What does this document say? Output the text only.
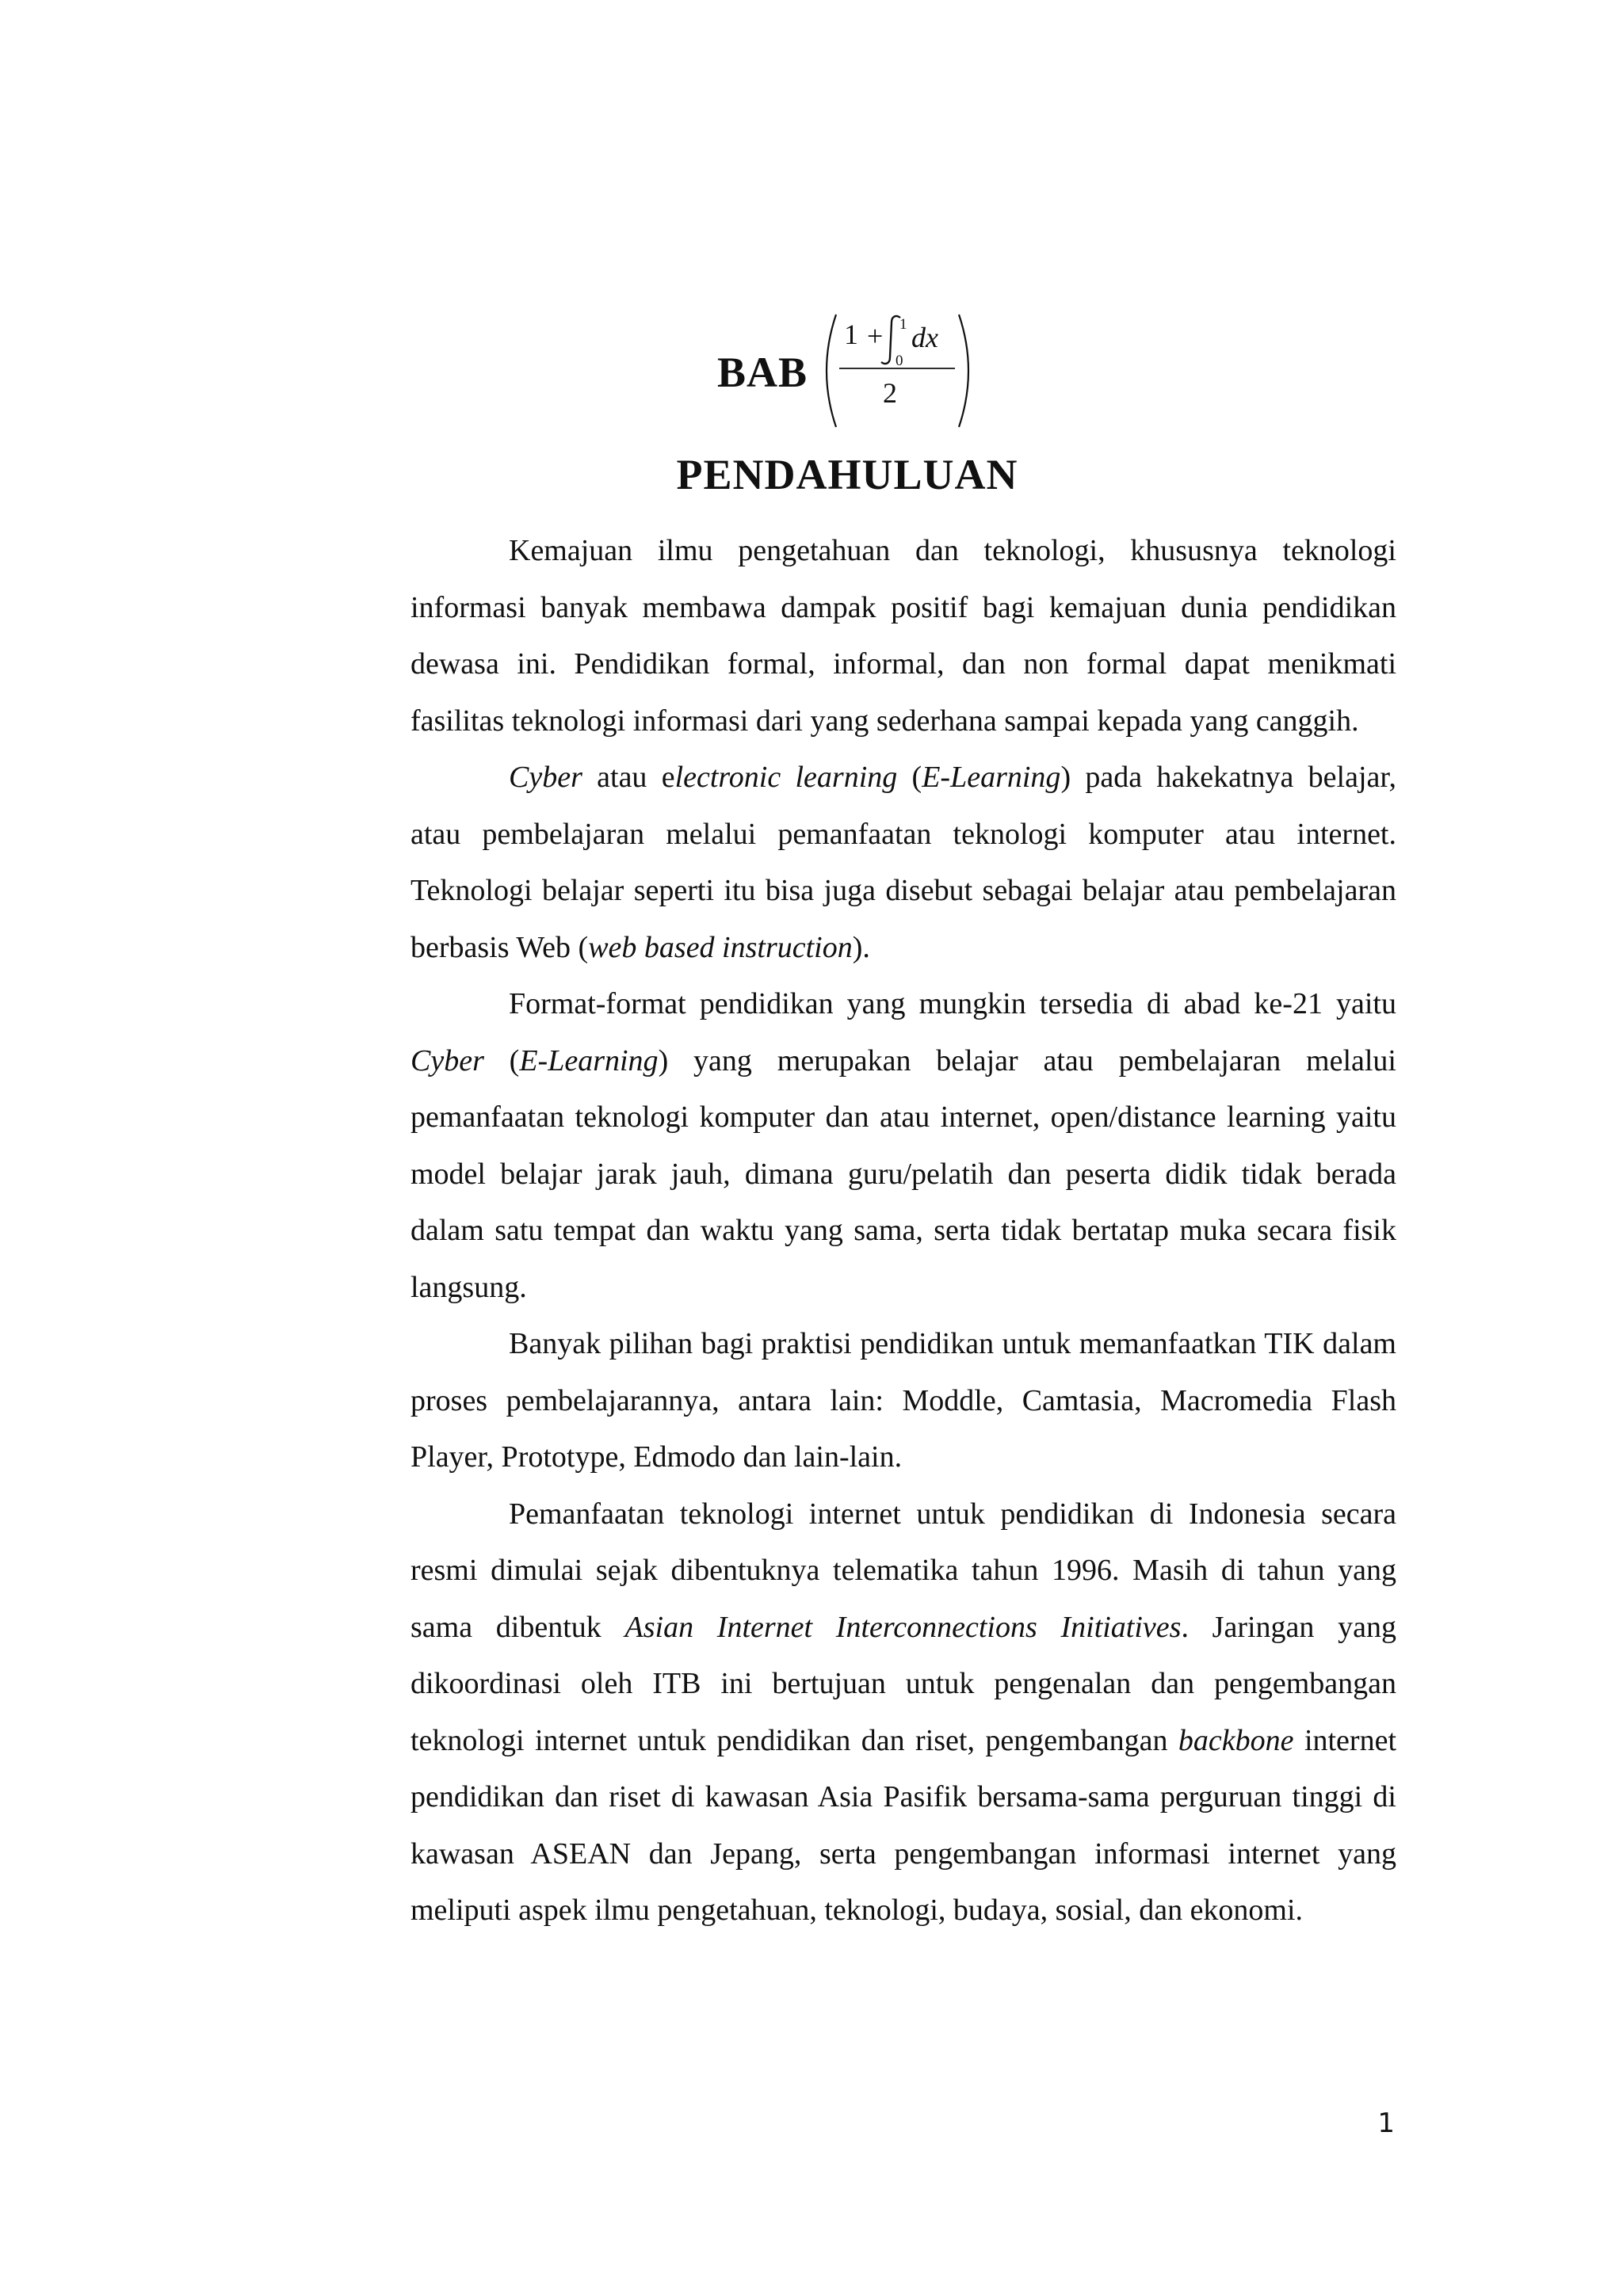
BAB
1 + 1
0
dx
2
PENDAHULUAN

Kemajuan ilmu pengetahuan dan teknologi, khususnya teknologi informasi banyak membawa dampak positif bagi kemajuan dunia pendidikan dewasa ini. Pendidikan formal, informal, dan non formal dapat menikmati fasilitas teknologi informasi dari yang sederhana sampai kepada yang canggih.

Cyber atau electronic learning (E-Learning) pada hakekatnya belajar, atau pembelajaran melalui pemanfaatan teknologi komputer atau internet. Teknologi belajar seperti itu bisa juga disebut sebagai belajar atau pembelajaran berbasis Web (web based instruction).

Format-format pendidikan yang mungkin tersedia di abad ke-21 yaitu Cyber (E-Learning) yang merupakan belajar atau pembelajaran melalui pemanfaatan teknologi komputer dan atau internet, open/distance learning yaitu model belajar jarak jauh, dimana guru/pelatih dan peserta didik tidak berada dalam satu tempat dan waktu yang sama, serta tidak bertatap muka secara fisik langsung.

Banyak pilihan bagi praktisi pendidikan untuk memanfaatkan TIK dalam proses pembelajarannya, antara lain: Moddle, Camtasia, Macromedia Flash Player, Prototype, Edmodo dan lain-lain.

Pemanfaatan teknologi internet untuk pendidikan di Indonesia secara resmi dimulai sejak dibentuknya telematika tahun 1996. Masih di tahun yang sama dibentuk Asian Internet Interconnections Initiatives. Jaringan yang dikoordinasi oleh ITB ini bertujuan untuk pengenalan dan pengembangan teknologi internet untuk pendidikan dan riset, pengembangan backbone internet pendidikan dan riset di kawasan Asia Pasifik bersama-sama perguruan tinggi di kawasan ASEAN dan Jepang, serta pengembangan informasi internet yang meliputi aspek ilmu pengetahuan, teknologi, budaya, sosial, dan ekonomi.

1
